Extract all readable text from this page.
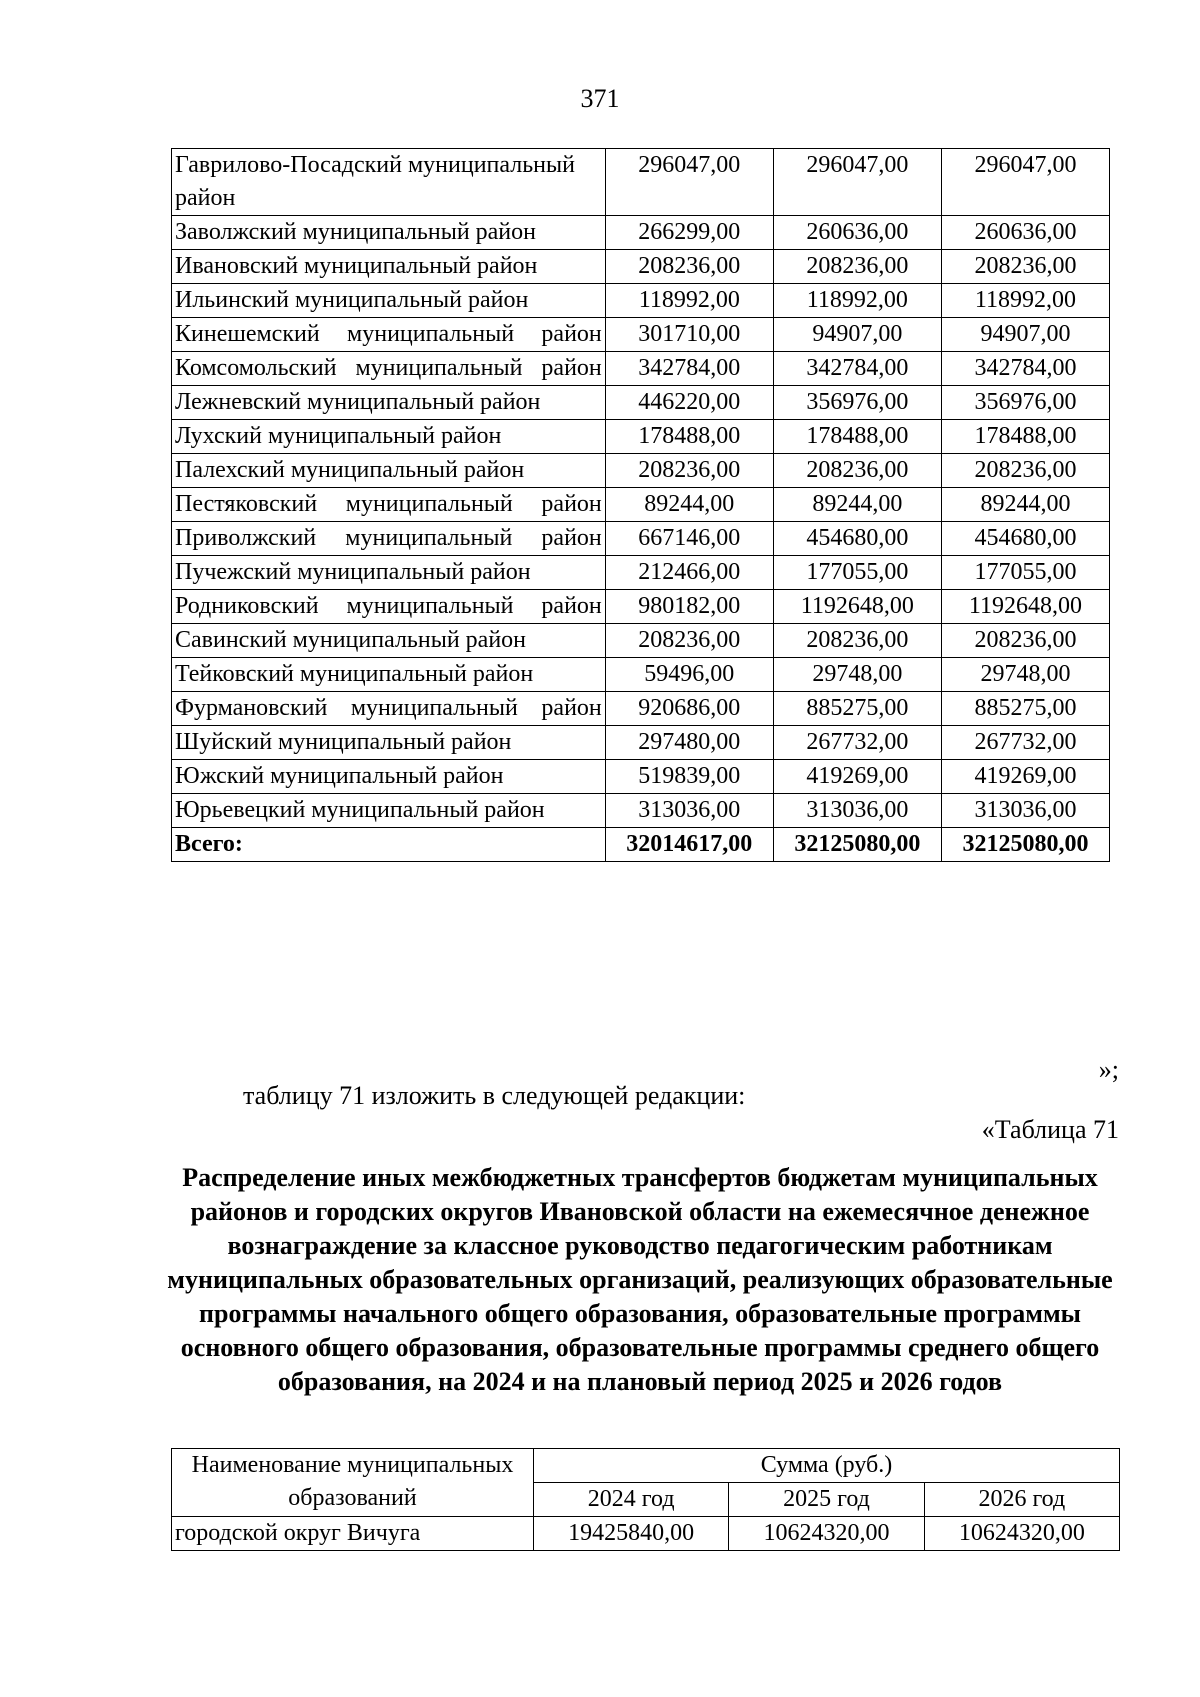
371
Гаврилово-Посадский муниципальный район	296047,00	296047,00	296047,00
Заволжский муниципальный район	266299,00	260636,00	260636,00
Ивановский муниципальный район	208236,00	208236,00	208236,00
Ильинский муниципальный район	118992,00	118992,00	118992,00
Кинешемский муниципальный район	301710,00	94907,00	94907,00
Комсомольский муниципальный район	342784,00	342784,00	342784,00
Лежневский муниципальный район	446220,00	356976,00	356976,00
Лухский муниципальный район	178488,00	178488,00	178488,00
Палехский муниципальный район	208236,00	208236,00	208236,00
Пестяковский муниципальный район	89244,00	89244,00	89244,00
Приволжский муниципальный район	667146,00	454680,00	454680,00
Пучежский муниципальный район	212466,00	177055,00	177055,00
Родниковский муниципальный район	980182,00	1192648,00	1192648,00
Савинский муниципальный район	208236,00	208236,00	208236,00
Тейковский муниципальный район	59496,00	29748,00	29748,00
Фурмановский муниципальный район	920686,00	885275,00	885275,00
Шуйский муниципальный район	297480,00	267732,00	267732,00
Южский муниципальный район	519839,00	419269,00	419269,00
Юрьевецкий муниципальный район	313036,00	313036,00	313036,00
Всего:	32014617,00	32125080,00	32125080,00
»;
таблицу 71 изложить в следующей редакции:
«Таблица 71

Распределение иных межбюджетных трансфертов бюджетам муниципальных районов и городских округов Ивановской области на ежемесячное денежное вознаграждение за классное руководство педагогическим работникам муниципальных образовательных организаций, реализующих образовательные программы начального общего образования, образовательные программы основного общего образования, образовательные программы среднего общего образования, на 2024 и на плановый период 2025 и 2026 годов

Наименование муниципальных образований	Сумма (руб.)		
	2024 год	2025 год	2026 год
городской округ Вичуга	19425840,00	10624320,00	10624320,00
